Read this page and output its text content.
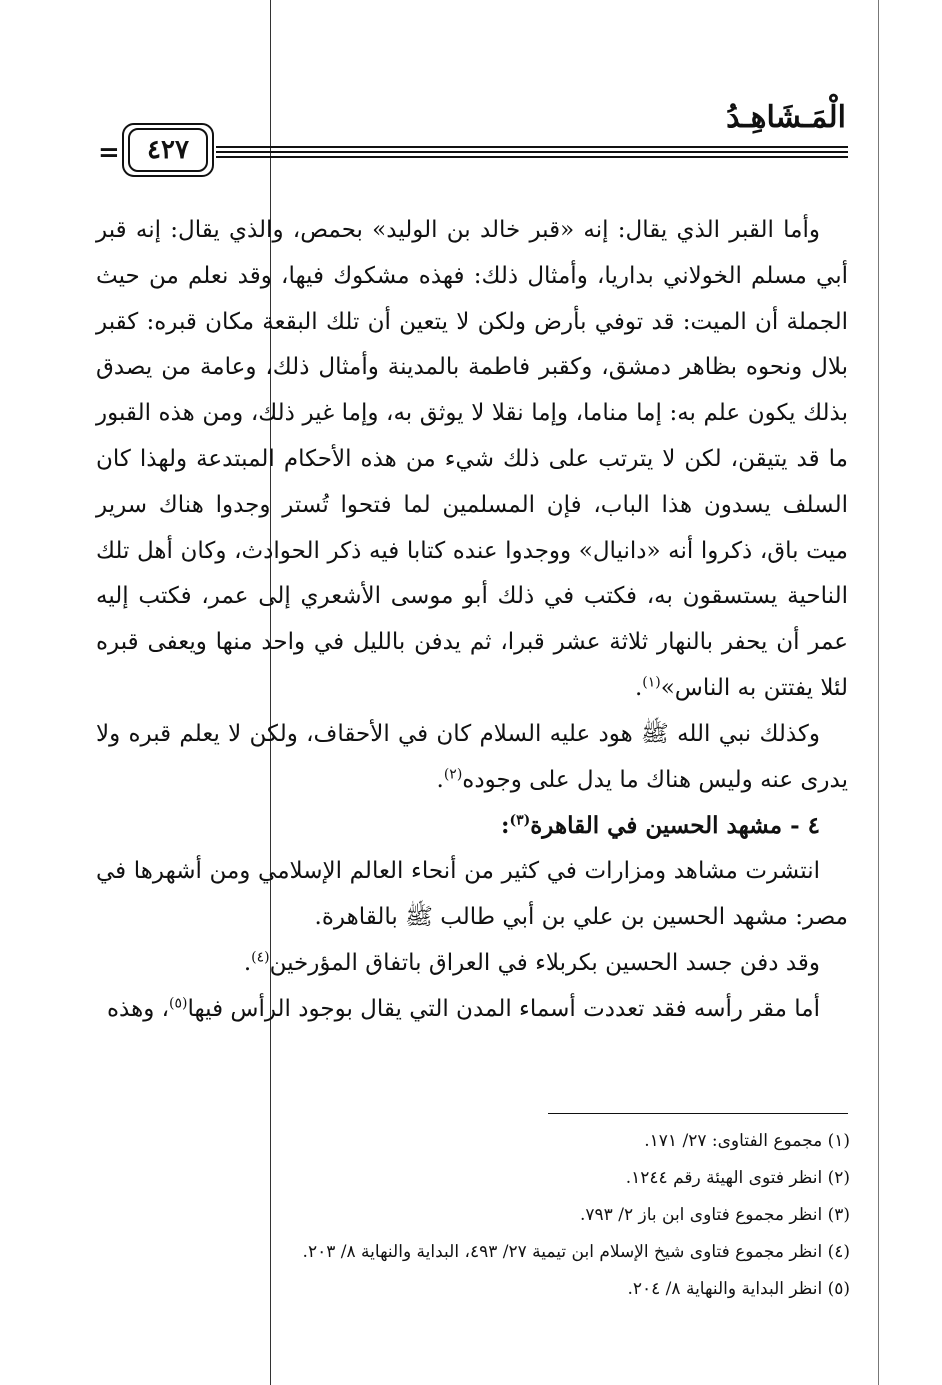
الْمَـشَاهِـدُ
٤٢٧
=

وأما القبر الذي يقال: إنه «قبر خالد بن الوليد» بحمص، والذي يقال: إنه قبر أبي مسلم الخولاني بداريا، وأمثال ذلك: فهذه مشكوك فيها، وقد نعلم من حيث الجملة أن الميت: قد توفي بأرض ولكن لا يتعين أن تلك البقعة مكان قبره: كقبر بلال ونحوه بظاهر دمشق، وكقبر فاطمة بالمدينة وأمثال ذلك، وعامة من يصدق بذلك يكون علم به: إما مناما، وإما نقلا لا يوثق به، وإما غير ذلك، ومن هذه القبور ما قد يتيقن، لكن لا يترتب على ذلك شيء من هذه الأحكام المبتدعة ولهذا كان السلف يسدون هذا الباب، فإن المسلمين لما فتحوا تُستر وجدوا هناك سرير ميت باق، ذكروا أنه «دانيال» ووجدوا عنده كتابا فيه ذكر الحوادث، وكان أهل تلك الناحية يستسقون به، فكتب في ذلك أبو موسى الأشعري إلى عمر، فكتب إليه عمر أن يحفر بالنهار ثلاثة عشر قبرا، ثم يدفن بالليل في واحد منها ويعفى قبره لئلا يفتتن به الناس»$^{(١)}$.

وكذلك نبي الله ﷺ هود عليه السلام كان في الأحقاف، ولكن لا يعلم قبره ولا يدرى عنه وليس هناك ما يدل على وجوده$^{(٢)}$.

٤ - مشهد الحسين في القاهرة$^{(٣)}$:

انتشرت مشاهد ومزارات في كثير من أنحاء العالم الإسلامي ومن أشهرها في مصر: مشهد الحسين بن علي بن أبي طالب ﷺ بالقاهرة.

وقد دفن جسد الحسين بكربلاء في العراق باتفاق المؤرخين$^{(٤)}$.

أما مقر رأسه فقد تعددت أسماء المدن التي يقال بوجود الرأس فيها$^{(٥)}$، وهذه

(١) مجموع الفتاوى: ٢٧/ ١٧١.
(٢) انظر فتوى الهيئة رقم ١٢٤٤.
(٣) انظر مجموع فتاوى ابن باز ٢/ ٧٩٣.
(٤) انظر مجموع فتاوى شيخ الإسلام ابن تيمية ٢٧/ ٤٩٣، البداية والنهاية ٨/ ٢٠٣.
(٥) انظر البداية والنهاية ٨/ ٢٠٤.
